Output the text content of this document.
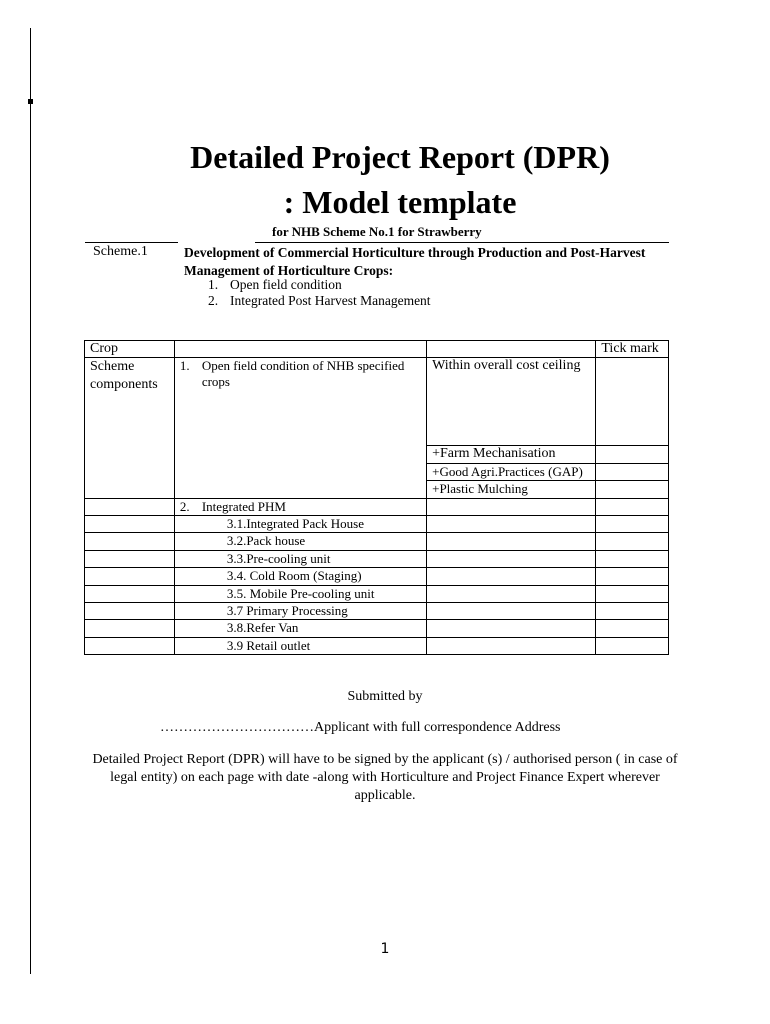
Detailed Project Report (DPR)
: Model template
for NHB Scheme No.1 for Strawberry
Scheme.1	Development of Commercial Horticulture through Production and Post-Harvest Management of Horticulture Crops:
1. Open field condition
2. Integrated Post Harvest Management
Crop			Tick mark
Scheme components	1. Open field condition of NHB specified crops	Within overall cost ceiling	
		+Farm Mechanisation	
		+Good Agri.Practices (GAP)	
		+Plastic Mulching	

	2. Integrated PHM		

	3.1.Integrated Pack House		
	3.2.Pack house		
	3.3.Pre-cooling unit		
	3.4. Cold Room (Staging)		
	3.5. Mobile Pre-cooling unit		
	3.7 Primary Processing		
	3.8.Refer Van		
	3.9 Retail outlet		
Submitted by
……………………………Applicant with full correspondence Address
Detailed Project Report (DPR) will have to be signed by the applicant (s) / authorised person ( in case of legal entity) on each page with date -along with Horticulture and Project Finance Expert wherever applicable.
1
